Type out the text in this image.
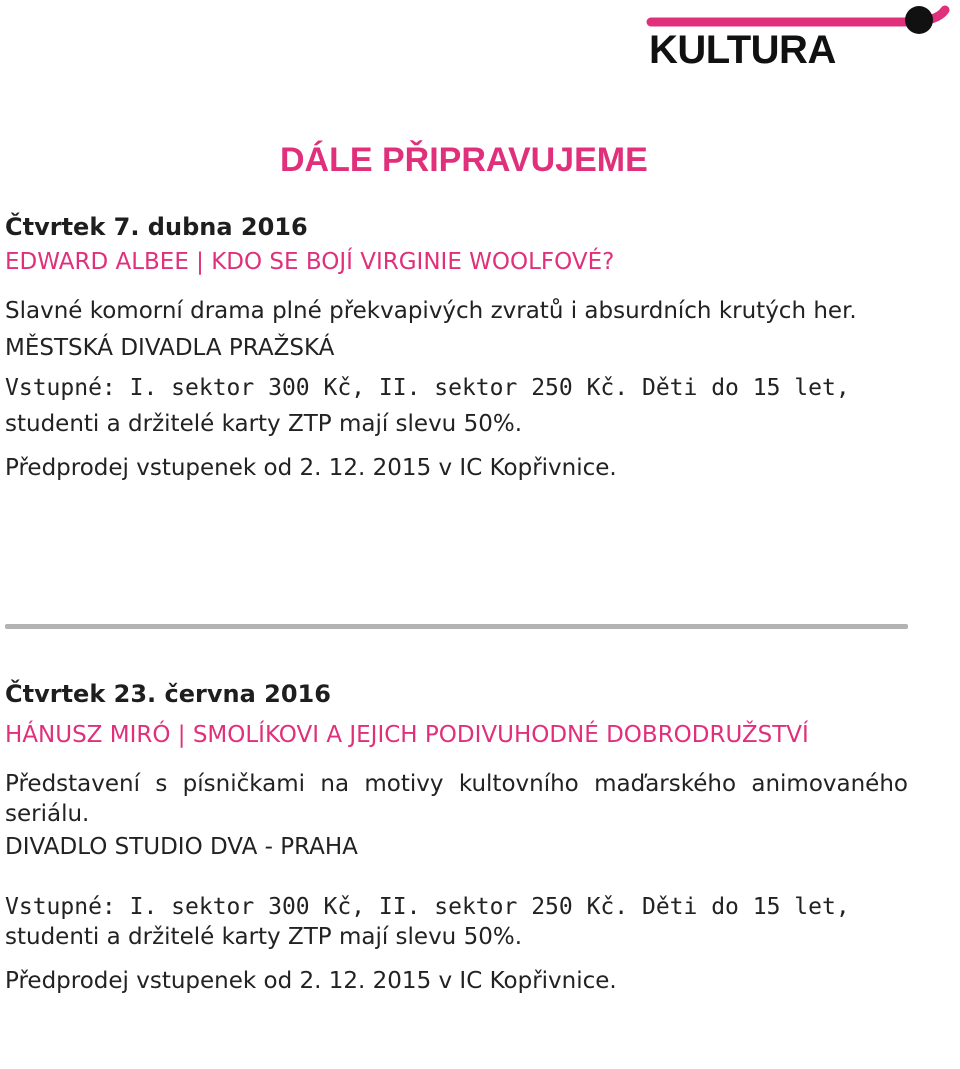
KULTURA
DÁLE PŘIPRAVUJEME

Čtvrtek 7. dubna 2016

EDWARD ALBEE | KDO SE BOJÍ VIRGINIE WOOLFOVÉ?

Slavné komorní drama plné překvapivých zvratů i absurdních krutých her.

MĚSTSKÁ DIVADLA PRAŽSKÁ

Vstupné: I. sektor 300 Kč, II. sektor 250 Kč. Děti do 15 let,

studenti a držitelé karty ZTP mají slevu 50%.

Předprodej vstupenek od 2. 12. 2015 v IC Kopřivnice.

Čtvrtek 23. června 2016

HÁNUSZ MIRÓ | SMOLÍKOVI A JEJICH PODIVUHODNÉ DOBRODRUŽSTVÍ

Představení s písničkami na motivy kultovního maďarského animovaného seriálu.

DIVADLO STUDIO DVA - PRAHA

Vstupné: I. sektor 300 Kč, II. sektor 250 Kč. Děti do 15 let,

studenti a držitelé karty ZTP mají slevu 50%.

Předprodej vstupenek od 2. 12. 2015 v IC Kopřivnice.
